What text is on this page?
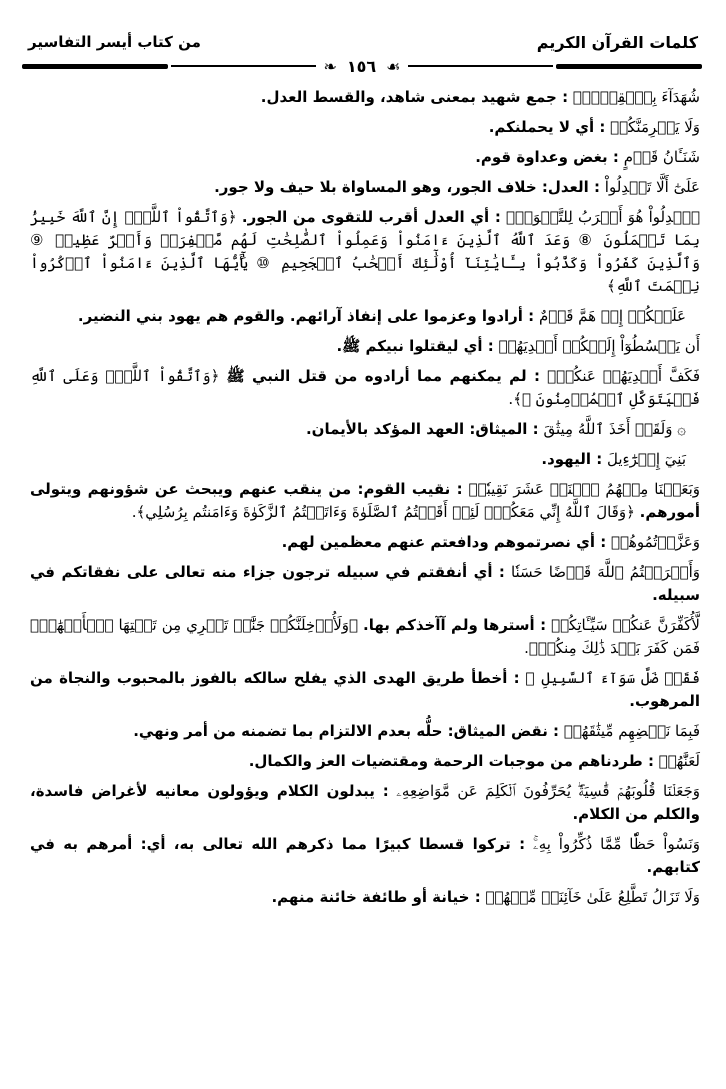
كلمات القرآن الكريم
من كتاب أيسر التفاسير
❧ ١٥٦ ☙
شُهَدَآءَ بِٱلۡقِسۡطِۖ : جمع شهيد بمعنى شاهد، والقسط العدل.
وَلَا يَجۡرِمَنَّكُمۡ : أي لا يحملنكم.
شَنَـَٔانُ قَوۡمٍ : بغض وعداوة قوم.
عَلَىٰٓ أَلَّا تَعۡدِلُواْ : العدل: خلاف الجور، وهو المساواة بلا حيف ولا جور.
ٱعۡدِلُواْ هُوَ أَقۡرَبُ لِلتَّقۡوَىٰۖ : أي العدل أقرب للتقوى من الجور. ﴿وَٱتَّقُواْ ٱللَّهَۚ إِنَّ ٱللَّهَ خَبِيرُۢ بِمَا تَعۡمَلُونَ ⑧ وَعَدَ ٱللَّهُ ٱلَّذِينَ ءَامَنُواْ وَعَمِلُواْ ٱلصَّٰلِحَٰتِ لَهُم مَّغۡفِرَةٞ وَأَجۡرٌ عَظِيمٞ ⑨ وَٱلَّذِينَ كَفَرُواْ وَكَذَّبُواْ بِـَٔايَٰتِنَآ أُوْلَٰٓئِكَ أَصۡحَٰبُ ٱلۡجَحِيمِ ⑩ يَٰٓأَيُّهَا ٱلَّذِينَ ءَامَنُواْ ٱذۡكُرُواْ نِعۡمَتَ ٱللَّهِ﴾
عَلَيۡكُمۡ إِذۡ هَمَّ قَوۡمٌ : أرادوا وعزموا على إنفاذ آرائهم. والقوم هم يهود بني النضير.
أَن يَبۡسُطُوٓاْ إِلَيۡكُمۡ أَيۡدِيَهُمۡ : أي ليقتلوا نبيكم ﷺ.
فَكَفَّ أَيۡدِيَهُمۡ عَنكُمۡۖ : لم يمكنهم مما أرادوه من قتل النبي ﷺ ﴿وَٱتَّقُواْ ٱللَّهَۚ وَعَلَى ٱللَّهِ فَلۡيَتَوَكَّلِ ٱلۡمُؤۡمِنُونَ ⑪﴾.
۞ وَلَقَدۡ أَخَذَ ٱللَّهُ مِيثَٰقَ : الميثاق: العهد المؤكد بالأيمان.
بَنِيٓ إِسۡرَٰٓءِيلَ : اليهود.
وَبَعَثۡنَا مِنۡهُمُ ٱثۡنَيۡ عَشَرَ نَقِيبٗاۖ : نقيب القوم: من ينقب عنهم ويبحث عن شؤونهم ويتولى أمورهم. ﴿وَقَالَ ٱللَّهُ إِنِّي مَعَكُمۡۖ لَئِنۡ أَقَمۡتُمُ ٱلصَّلَوٰةَ وَءَاتَيۡتُمُ ٱلزَّكَوٰةَ وَءَامَنتُم بِرُسُلِي﴾.
وَعَزَّرۡتُمُوهُمۡ : أي نصرتموهم ودافعتم عنهم معظمين لهم.
وَأَقۡرَضۡتُمُ ٱللَّهَ قَرۡضًا حَسَنٗا : أي أنفقتم في سبيله ترجون جزاء منه تعالى على نفقاتكم في سبيله.
لَّأُكَفِّرَنَّ عَنكُمۡ سَيِّـَٔاتِكُمۡ : أسترها ولم آآخذكم بها. ﴿وَلَأُدۡخِلَنَّكُمۡ جَنَّٰتٖ تَجۡرِي مِن تَحۡتِهَا ٱلۡأَنۡهَٰرُۚ فَمَن كَفَرَ بَعۡدَ ذَٰلِكَ مِنكُمۡ﴾.
فَقَدۡ ضَلَّ سَوَآءَ ٱلسَّبِيلِ ⑫ : أخطأ طريق الهدى الذي يفلح سالكه بالفوز بالمحبوب والنجاة من المرهوب.
فَبِمَا نَقۡضِهِم مِّيثَٰقَهُمۡ : نقض الميثاق: حلُّه بعدم الالتزام بما تضمنه من أمر ونهي.
لَعَنَّٰهُمۡ : طردناهم من موجبات الرحمة ومقتضيات العز والكمال.
وَجَعَلۡنَا قُلُوبَهُمۡ قَٰسِيَةٗۖ يُحَرِّفُونَ ٱلۡكَلِمَ عَن مَّوَاضِعِهِۦ : يبدلون الكلام ويؤولون معانيه لأغراض فاسدة، والكلم من الكلام.
وَنَسُواْ حَظّٗا مِّمَّا ذُكِّرُواْ بِهِۦۚ : تركوا قسطا كبيرًا مما ذكرهم الله تعالى به، أي: أمرهم به في كتابهم.
وَلَا تَزَالُ تَطَّلِعُ عَلَىٰ خَآئِنَةٖ مِّنۡهُمۡ : خيانة أو طائفة خائنة منهم.
